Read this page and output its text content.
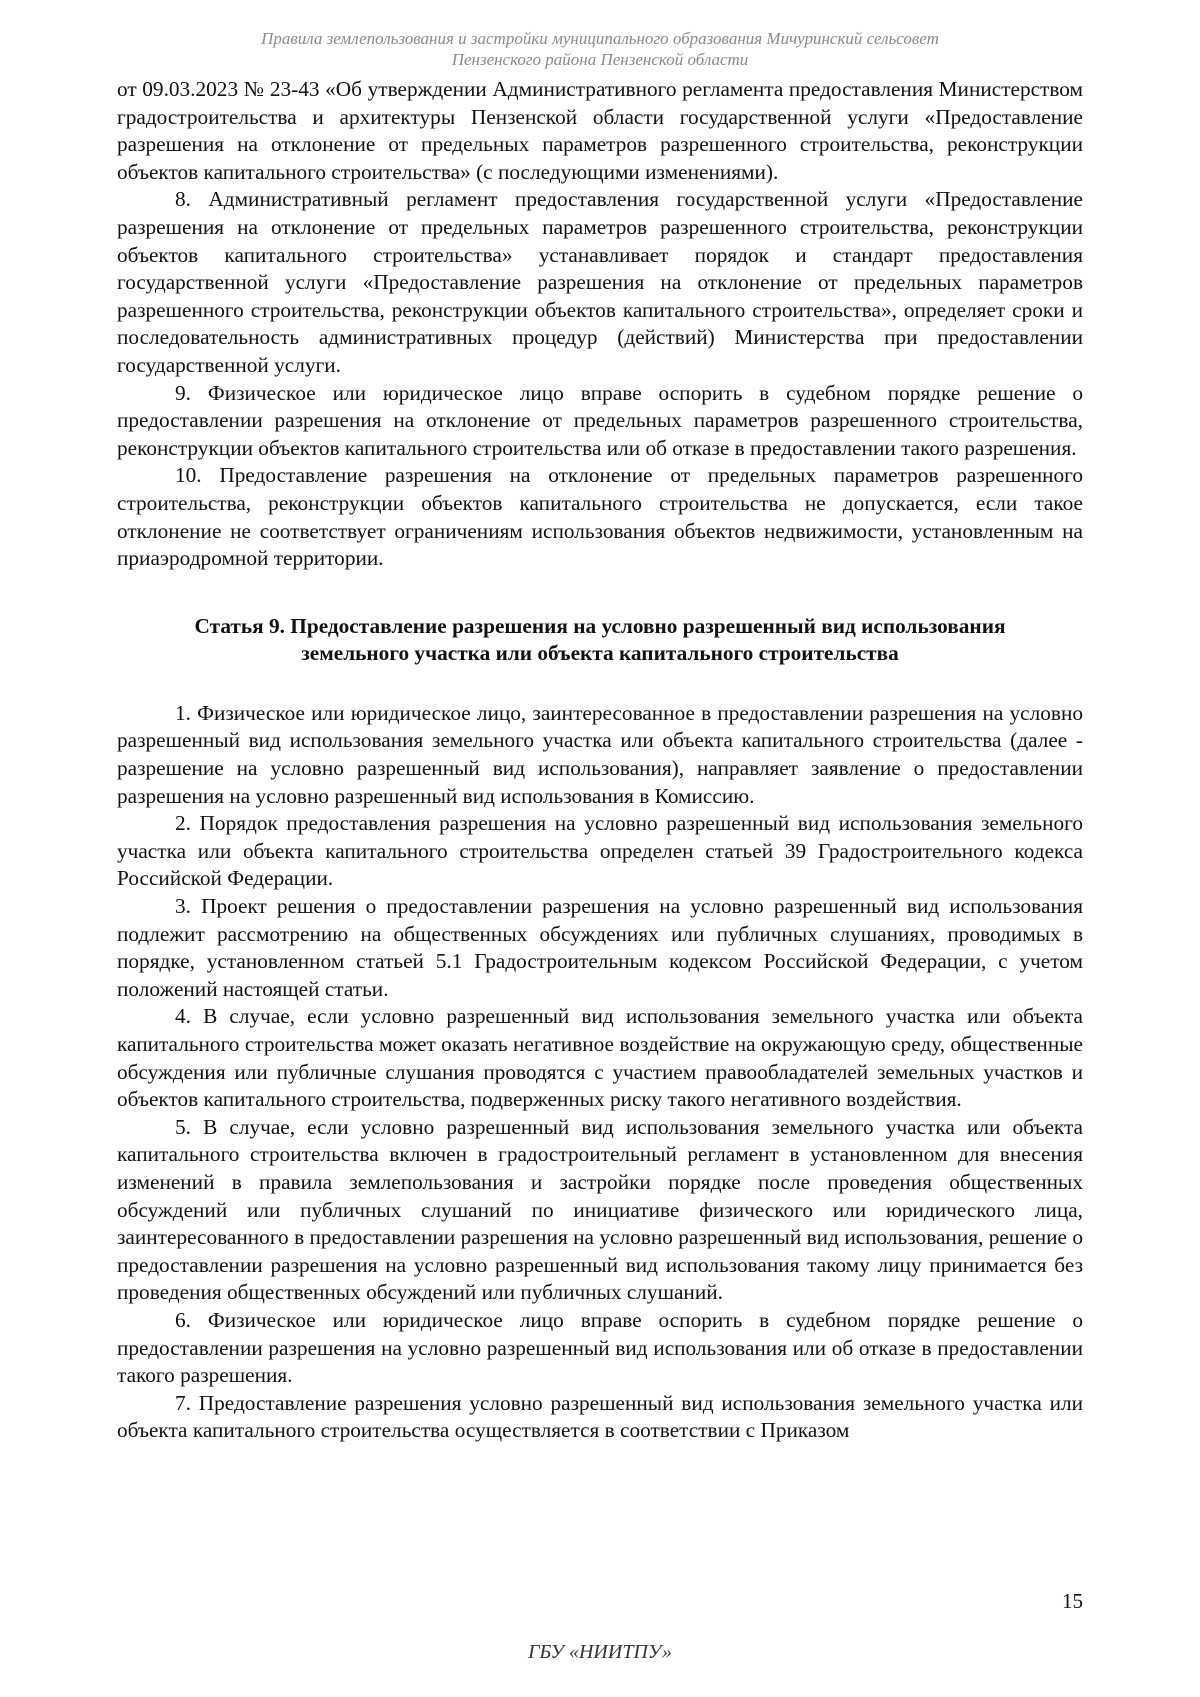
Правила землепользования и застройки муниципального образования Мичуринский сельсовет
Пензенского района Пензенской области

от 09.03.2023 № 23-43 «Об утверждении Административного регламента предоставления Министерством градостроительства и архитектуры Пензенской области государственной услуги «Предоставление разрешения на отклонение от предельных параметров разрешенного строительства, реконструкции объектов капитального строительства» (с последующими изменениями).

8. Административный регламент предоставления государственной услуги «Предоставление разрешения на отклонение от предельных параметров разрешенного строительства, реконструкции объектов капитального строительства» устанавливает порядок и стандарт предоставления государственной услуги «Предоставление разрешения на отклонение от предельных параметров разрешенного строительства, реконструкции объектов капитального строительства», определяет сроки и последовательность административных процедур (действий) Министерства при предоставлении государственной услуги.

9. Физическое или юридическое лицо вправе оспорить в судебном порядке решение о предоставлении разрешения на отклонение от предельных параметров разрешенного строительства, реконструкции объектов капитального строительства или об отказе в предоставлении такого разрешения.

10. Предоставление разрешения на отклонение от предельных параметров разрешенного строительства, реконструкции объектов капитального строительства не допускается, если такое отклонение не соответствует ограничениям использования объектов недвижимости, установленным на приаэродромной территории.

Статья 9. Предоставление разрешения на условно разрешенный вид использования
земельного участка или объекта капитального строительства

1. Физическое или юридическое лицо, заинтересованное в предоставлении разрешения на условно разрешенный вид использования земельного участка или объекта капитального строительства (далее - разрешение на условно разрешенный вид использования), направляет заявление о предоставлении разрешения на условно разрешенный вид использования в Комиссию.

2. Порядок предоставления разрешения на условно разрешенный вид использования земельного участка или объекта капитального строительства определен статьей 39 Градостроительного кодекса Российской Федерации.

3. Проект решения о предоставлении разрешения на условно разрешенный вид использования подлежит рассмотрению на общественных обсуждениях или публичных слушаниях, проводимых в порядке, установленном статьей 5.1 Градостроительным кодексом Российской Федерации, с учетом положений настоящей статьи.

4. В случае, если условно разрешенный вид использования земельного участка или объекта капитального строительства может оказать негативное воздействие на окружающую среду, общественные обсуждения или публичные слушания проводятся с участием правообладателей земельных участков и объектов капитального строительства, подверженных риску такого негативного воздействия.

5. В случае, если условно разрешенный вид использования земельного участка или объекта капитального строительства включен в градостроительный регламент в установленном для внесения изменений в правила землепользования и застройки порядке после проведения общественных обсуждений или публичных слушаний по инициативе физического или юридического лица, заинтересованного в предоставлении разрешения на условно разрешенный вид использования, решение о предоставлении разрешения на условно разрешенный вид использования такому лицу принимается без проведения общественных обсуждений или публичных слушаний.

6. Физическое или юридическое лицо вправе оспорить в судебном порядке решение о предоставлении разрешения на условно разрешенный вид использования или об отказе в предоставлении такого разрешения.

7. Предоставление разрешения условно разрешенный вид использования земельного участка или объекта капитального строительства осуществляется в соответствии с Приказом

15
ГБУ «НИИТПУ»
